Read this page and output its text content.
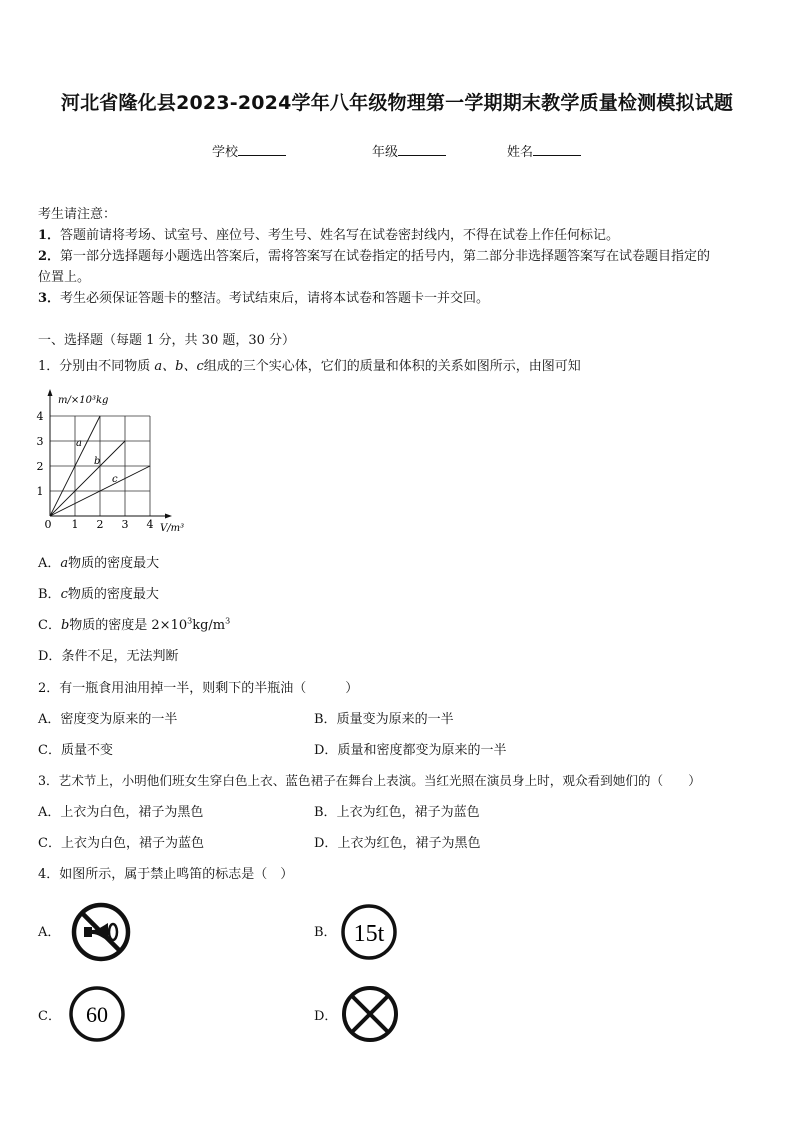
河北省隆化县2023-2024学年八年级物理第一学期期末教学质量检测模拟试题
学校	年级	姓名
考生请注意：
1．答题前请将考场、试室号、座位号、考生号、姓名写在试卷密封线内，不得在试卷上作任何标记。
2．第一部分选择题每小题选出答案后，需将答案写在试卷指定的括号内，第二部分非选择题答案写在试卷题目指定的
位置上。
3．考生必须保证答题卡的整洁。考试结束后，请将本试卷和答题卡一并交回。
一、选择题（每题 1 分，共 30 题，30 分）
1．分别由不同物质 a、b、c组成的三个实心体，它们的质量和体积的关系如图所示，由图可知
m/×10³kg
V/m³
0 1 2 3 4
1
2
3
4
a
b
c
A．a物质的密度最大
B．c物质的密度最大
C．b物质的密度是 $2\times 10^3kg/m^3$
D．条件不足，无法判断
2．有一瓶食用油用掉一半，则剩下的半瓶油（　　　）
A．密度变为原来的一半	B．质量变为原来的一半
C．质量不变	D．质量和密度都变为原来的一半
3．艺术节上，小明他们班女生穿白色上衣、蓝色裙子在舞台上表演。当红光照在演员身上时，观众看到她们的（　　）
A．上衣为白色，裙子为黑色	B．上衣为红色，裙子为蓝色
C．上衣为白色，裙子为蓝色	D．上衣为红色，裙子为黑色
4．如图所示，属于禁止鸣笛的标志是（　）
A．	B． 15t
C． 60	D．
